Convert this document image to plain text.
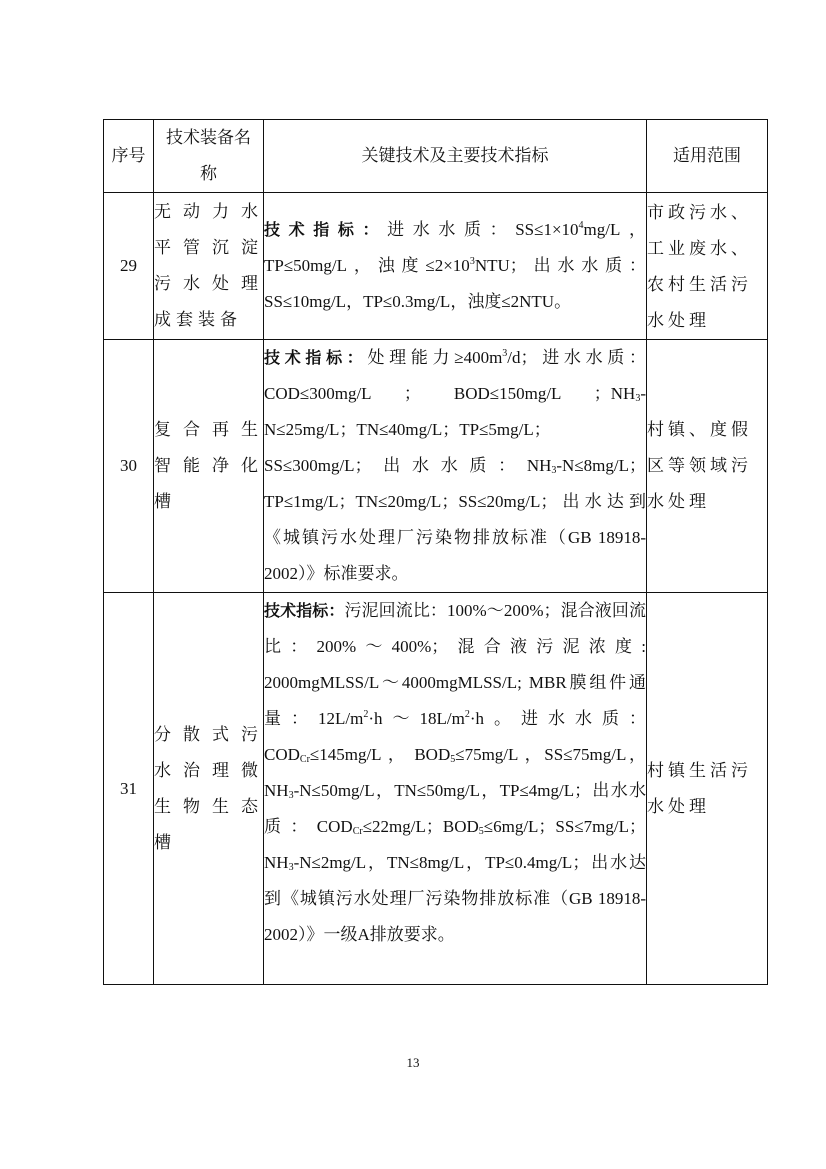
序号	技术装备名称	关键技术及主要技术指标	适用范围
29	无动力水平管沉淀污水处理成套装备	技术指标：进水水质：$SS\le 1\times 10^4mg/L$，TP≤50mg/L，浊度$\le 2\times 10^3NTU$；出水水质：SS≤10mg/L，TP≤0.3mg/L，浊度≤2NTU。	市政污水、工业废水、农村生活污水处理
30	复合再生智能净化槽	技术指标：处理能力$\ge 400m^3/d$；进水水质：COD≤300mg/L ； BOD≤150mg/L ；$NH_3-N\le 25mg/L$；TN≤40mg/L；TP≤5mg/L；SS≤300mg/L；出水水质：$NH_3-N\le 8mg/L$；TP≤1mg/L；TN≤20mg/L；SS≤20mg/L；出水达到《城镇污水处理厂污染物排放标准（GB 18918-2002）》标准要求。	村镇、度假区等领域污水处理
31	分散式污水治理微生物生态槽	技术指标：污泥回流比：100%～200%；混合液回流比：200%～400%；混合液污泥浓度: 2000mgMLSS/L～4000mgMLSS/L; MBR膜组件通量：$12L/m^2\cdot h\sim 18L/m^2\cdot h$。进水水质： $COD_{Cr}\le 145mg/L$ ， $BOD_5\le 75mg/L$ ，SS≤75mg/L，$NH_3-N\le 50mg/L$，TN≤50mg/L，TP≤4mg/L；出水水质：$COD_{Cr}\le 22mg/L$；$BOD_5\le 6mg/L$；SS≤7mg/L；$NH_3-N\le 2mg/L$，TN≤8mg/L，TP≤0.4mg/L；出水达到《城镇污水处理厂污染物排放标准（GB 18918-2002）》一级A排放要求。	村镇生活污水处理
13
